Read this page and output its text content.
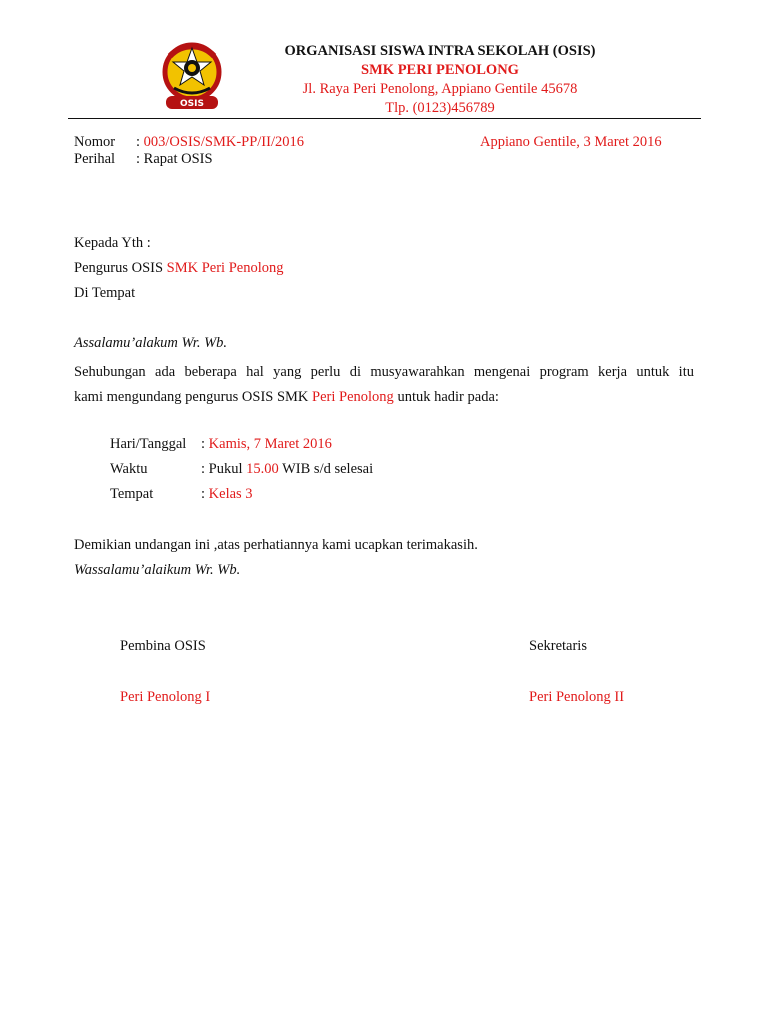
OSIS
ORGANISASI SISWA INTRA SEKOLAH (OSIS)
SMK PERI PENOLONG
Jl. Raya Peri Penolong, Appiano Gentile 45678
Tlp. (0123)456789
Nomor : 003/OSIS/SMK-PP/II/2016	Appiano Gentile, 3 Maret 2016
Perihal : Rapat OSIS
Kepada Yth :
Pengurus OSIS SMK Peri Penolong
Di Tempat
Assalamu’alakum Wr. Wb.
Sehubungan ada beberapa hal yang perlu di musyawarahkan mengenai program kerja untuk itu
kami mengundang pengurus OSIS SMK Peri Penolong untuk hadir pada:
Hari/Tanggal : Kamis, 7 Maret 2016
Waktu	: Pukul 15.00 WIB s/d selesai
Tempat	: Kelas 3
Demikian undangan ini ,atas perhatiannya kami ucapkan terimakasih.
Wassalamu’alaikum Wr. Wb.
Pembina OSIS	Sekretaris
Peri Penolong I	Peri Penolong II
